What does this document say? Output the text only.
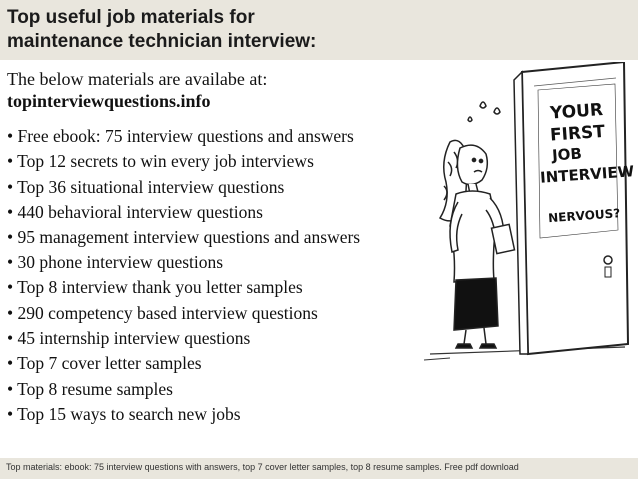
Top useful job materials for
maintenance technician interview:
The below materials are availabe at:
topinterviewquestions.info
• Free ebook: 75 interview questions and answers
• Top 12 secrets to win every job interviews
• Top 36 situational interview questions
• 440 behavioral interview questions
• 95 management interview questions and answers
• 30 phone interview questions
• Top 8 interview thank you letter samples
• 290 competency based interview questions
• 45 internship interview questions
• Top 7 cover letter samples
• Top 8 resume samples
• Top 15 ways to search new jobs
YOUR
FIRST
JOB
INTERVIEW
NERVOUS?
Top materials: ebook: 75 interview questions with answers, top 7 cover letter samples, top 8 resume samples. Free pdf download
